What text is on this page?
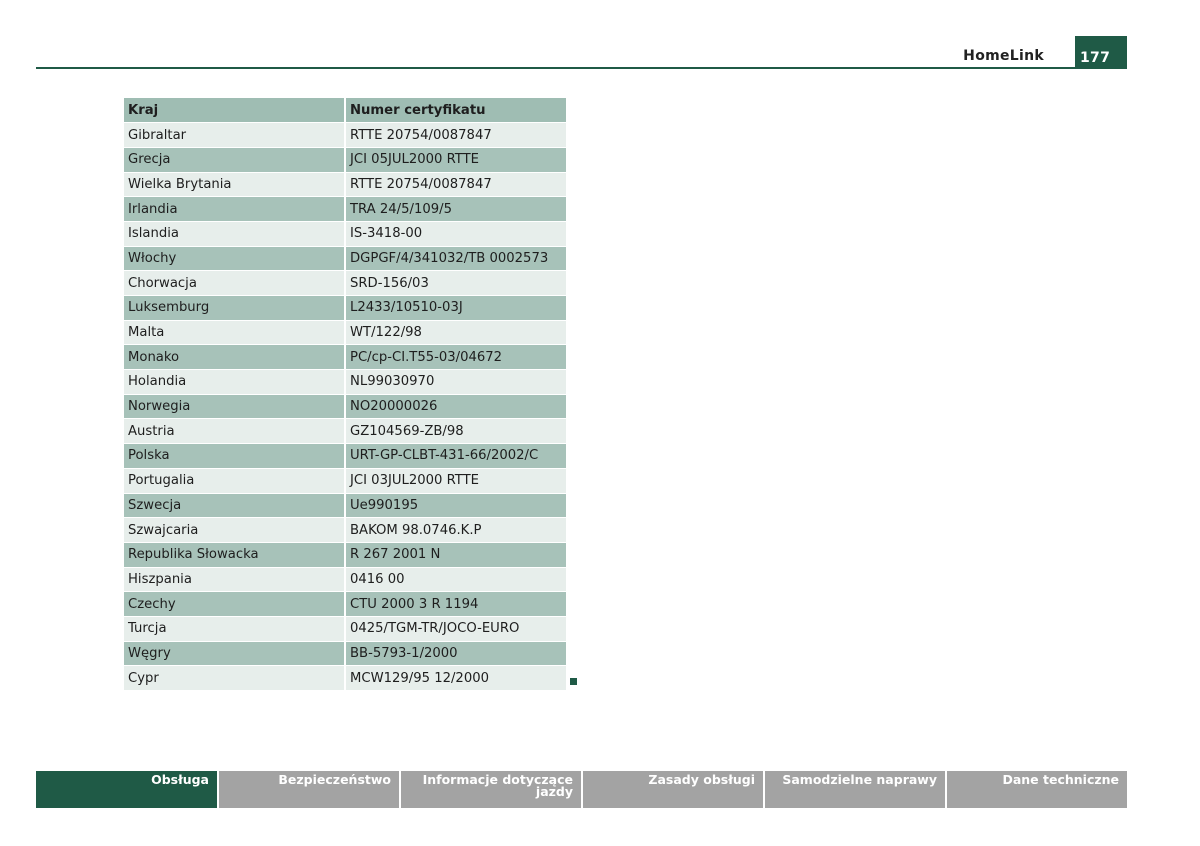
HomeLink	177
Kraj	Numer certyfikatu
Gibraltar	RTTE 20754/0087847
Grecja	JCI 05JUL2000 RTTE
Wielka Brytania	RTTE 20754/0087847
Irlandia	TRA 24/5/109/5
Islandia	IS-3418-00
Włochy	DGPGF/4/341032/TB 0002573
Chorwacja	SRD-156/03
Luksemburg	L2433/10510-03J
Malta	WT/122/98
Monako	PC/cp-CI.T55-03/04672
Holandia	NL99030970
Norwegia	NO20000026
Austria	GZ104569-ZB/98
Polska	URT-GP-CLBT-431-66/2002/C
Portugalia	JCI 03JUL2000 RTTE
Szwecja	Ue990195
Szwajcaria	BAKOM 98.0746.K.P
Republika Słowacka	R 267 2001 N
Hiszpania	0416 00
Czechy	CTU 2000 3 R 1194
Turcja	0425/TGM-TR/JOCO-EURO
Węgry	BB-5793-1/2000
Cypr	MCW129/95 12/2000
Obsługa	Bezpieczeństwo	Informacje dotyczące
jazdy
Zasady obsługi	Samodzielne naprawy	Dane techniczne
